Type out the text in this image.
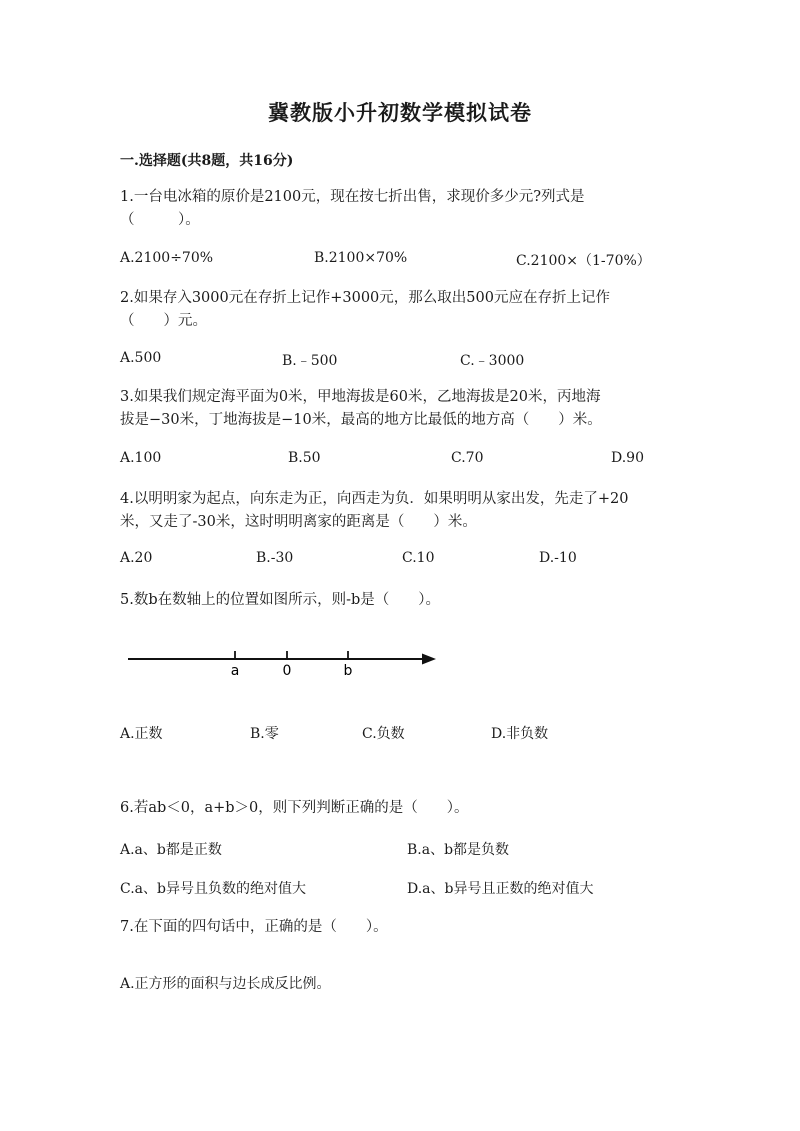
冀教版小升初数学模拟试卷
一.选择题(共8题，共16分)
1.一台电冰箱的原价是2100元，现在按七折出售，求现价多少元?列式是
（　　　）。
A.2100÷70%	B.2100×70%	C.2100×（1-70%）
2.如果存入3000元在存折上记作+3000元，那么取出500元应在存折上记作
（　　）元。
A.500	B.﹣500	C.﹣3000
3.如果我们规定海平面为0米，甲地海拔是60米，乙地海拔是20米，丙地海
拔是−30米，丁地海拔是−10米，最高的地方比最低的地方高（　　）米。
A.100	B.50	C.70	D.90
4.以明明家为起点，向东走为正，向西走为负．如果明明从家出发，先走了+20
米，又走了-30米，这时明明离家的距离是（　　）米。
A.20	B.-30	C.10	D.-10
5.数b在数轴上的位置如图所示，则-b是（　　）。
a	0	b
A.正数	B.零	C.负数	D.非负数
6.若ab＜0，a+b＞0，则下列判断正确的是（　　）。
A.a、b都是正数	B.a、b都是负数
C.a、b异号且负数的绝对值大	D.a、b异号且正数的绝对值大
7.在下面的四句话中，正确的是（　　）。
A.正方形的面积与边长成反比例。
